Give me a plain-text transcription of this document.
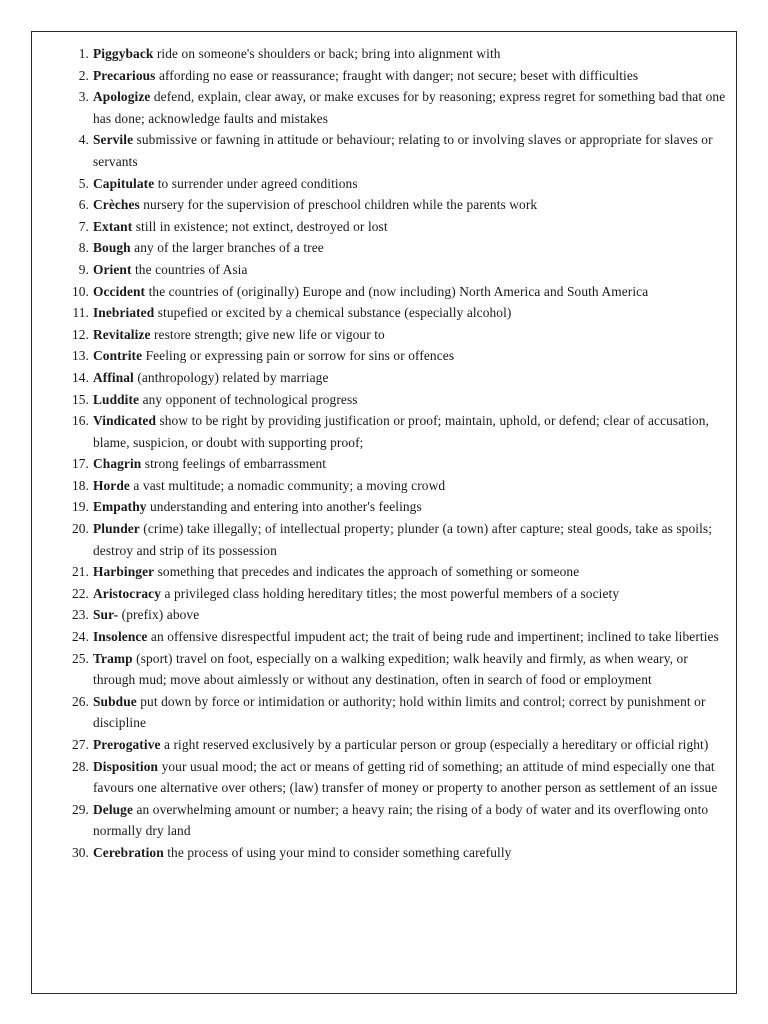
1. Piggyback ride on someone's shoulders or back; bring into alignment with
2. Precarious affording no ease or reassurance; fraught with danger; not secure; beset with difficulties
3. Apologize defend, explain, clear away, or make excuses for by reasoning; express regret for something bad that one has done; acknowledge faults and mistakes
4. Servile submissive or fawning in attitude or behaviour; relating to or involving slaves or appropriate for slaves or servants
5. Capitulate to surrender under agreed conditions
6. Crèches nursery for the supervision of preschool children while the parents work
7. Extant still in existence; not extinct, destroyed or lost
8. Bough any of the larger branches of a tree
9. Orient the countries of Asia
10. Occident the countries of (originally) Europe and (now including) North America and South America
11. Inebriated stupefied or excited by a chemical substance (especially alcohol)
12. Revitalize restore strength; give new life or vigour to
13. Contrite Feeling or expressing pain or sorrow for sins or offences
14. Affinal (anthropology) related by marriage
15. Luddite any opponent of technological progress
16. Vindicated show to be right by providing justification or proof; maintain, uphold, or defend; clear of accusation, blame, suspicion, or doubt with supporting proof;
17. Chagrin strong feelings of embarrassment
18. Horde a vast multitude; a nomadic community; a moving crowd
19. Empathy understanding and entering into another's feelings
20. Plunder (crime) take illegally; of intellectual property; plunder (a town) after capture; steal goods, take as spoils; destroy and strip of its possession
21. Harbinger something that precedes and indicates the approach of something or someone
22. Aristocracy a privileged class holding hereditary titles; the most powerful members of a society
23. Sur- (prefix) above
24. Insolence an offensive disrespectful impudent act; the trait of being rude and impertinent; inclined to take liberties
25. Tramp (sport) travel on foot, especially on a walking expedition; walk heavily and firmly, as when weary, or through mud; move about aimlessly or without any destination, often in search of food or employment
26. Subdue put down by force or intimidation or authority; hold within limits and control; correct by punishment or discipline
27. Prerogative a right reserved exclusively by a particular person or group (especially a hereditary or official right)
28. Disposition your usual mood; the act or means of getting rid of something; an attitude of mind especially one that favours one alternative over others; (law) transfer of money or property to another person as settlement of an issue
29. Deluge an overwhelming amount or number; a heavy rain; the rising of a body of water and its overflowing onto normally dry land
30. Cerebration the process of using your mind to consider something carefully
